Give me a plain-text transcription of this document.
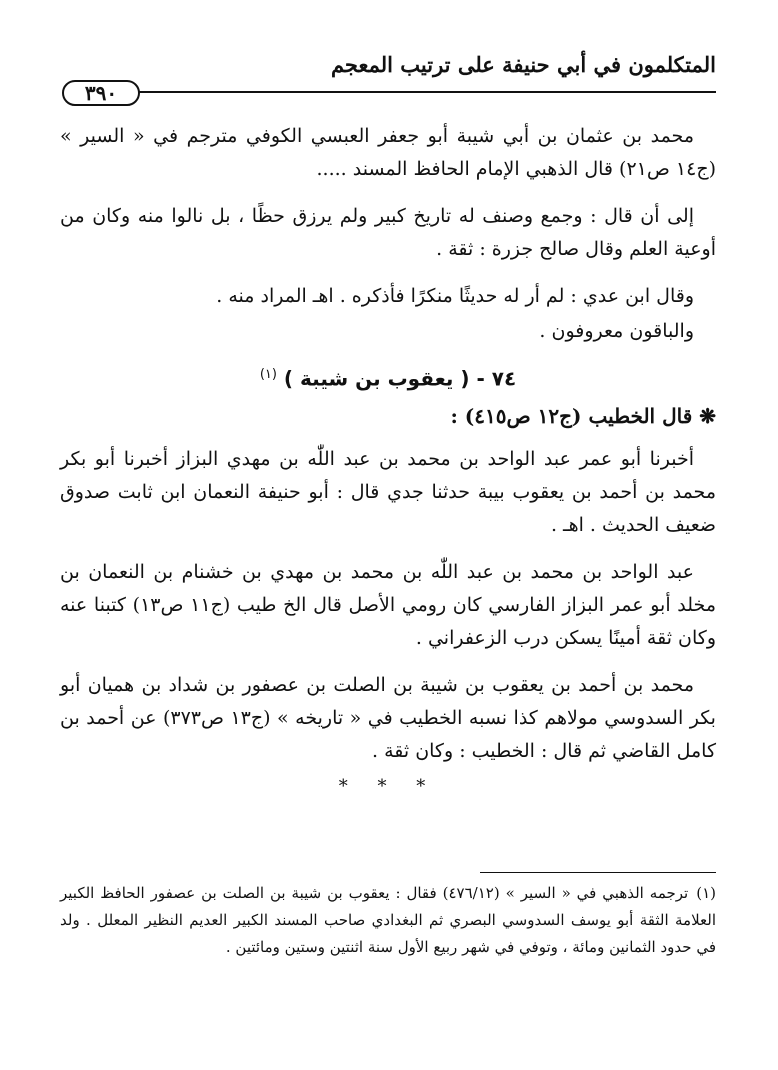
المتكلمون في أبي حنيفة على ترتيب المعجم
٣٩٠

محمد بن عثمان بن أبي شيبة أبو جعفر العبسي الكوفي مترجم في « السير » (ج١٤ ص٢١) قال الذهبي الإمام الحافظ المسند .....

إلى أن قال : وجمع وصنف له تاريخ كبير ولم يرزق حظًا ، بل نالوا منه وكان من أوعية العلم وقال صالح جزرة : ثقة .

وقال ابن عدي : لم أر له حديثًا منكرًا فأذكره . اهـ المراد منه .

والباقون معروفون .

٧٤ - ( يعقوب بن شيبة ) $^{(١)}$
❋ قال الخطيب (ج١٢ ص٤١٥) :

أخبرنا أبو عمر عبد الواحد بن محمد بن عبد اللّٰه بن مهدي البزاز أخبرنا أبو بكر محمد بن أحمد بن يعقوب بيبة حدثنا جدي قال : أبو حنيفة النعمان ابن ثابت صدوق ضعيف الحديث . اهـ .

عبد الواحد بن محمد بن عبد اللّٰه بن محمد بن مهدي بن خشنام بن النعمان بن مخلد أبو عمر البزاز الفارسي كان رومي الأصل قال الخ طيب (ج١١ ص١٣) كتبنا عنه وكان ثقة أمينًا يسكن درب الزعفراني .

محمد بن أحمد بن يعقوب بن شيبة بن الصلت بن عصفور بن شداد بن هميان أبو بكر السدوسي مولاهم كذا نسبه الخطيب في « تاريخه » (ج١٣ ص٣٧٣) عن أحمد بن كامل القاضي ثم قال : الخطيب : وكان ثقة .

* * *
(١)ترجمه الذهبي في « السير » (٤٧٦/١٢) فقال : يعقوب بن شيبة بن الصلت بن عصفور الحافظ الكبير العلامة الثقة أبو يوسف السدوسي البصري ثم البغدادي صاحب المسند الكبير العديم النظير المعلل . ولد في حدود الثمانين ومائة ، وتوفي في شهر ربيع الأول سنة اثنتين وستين ومائتين .
